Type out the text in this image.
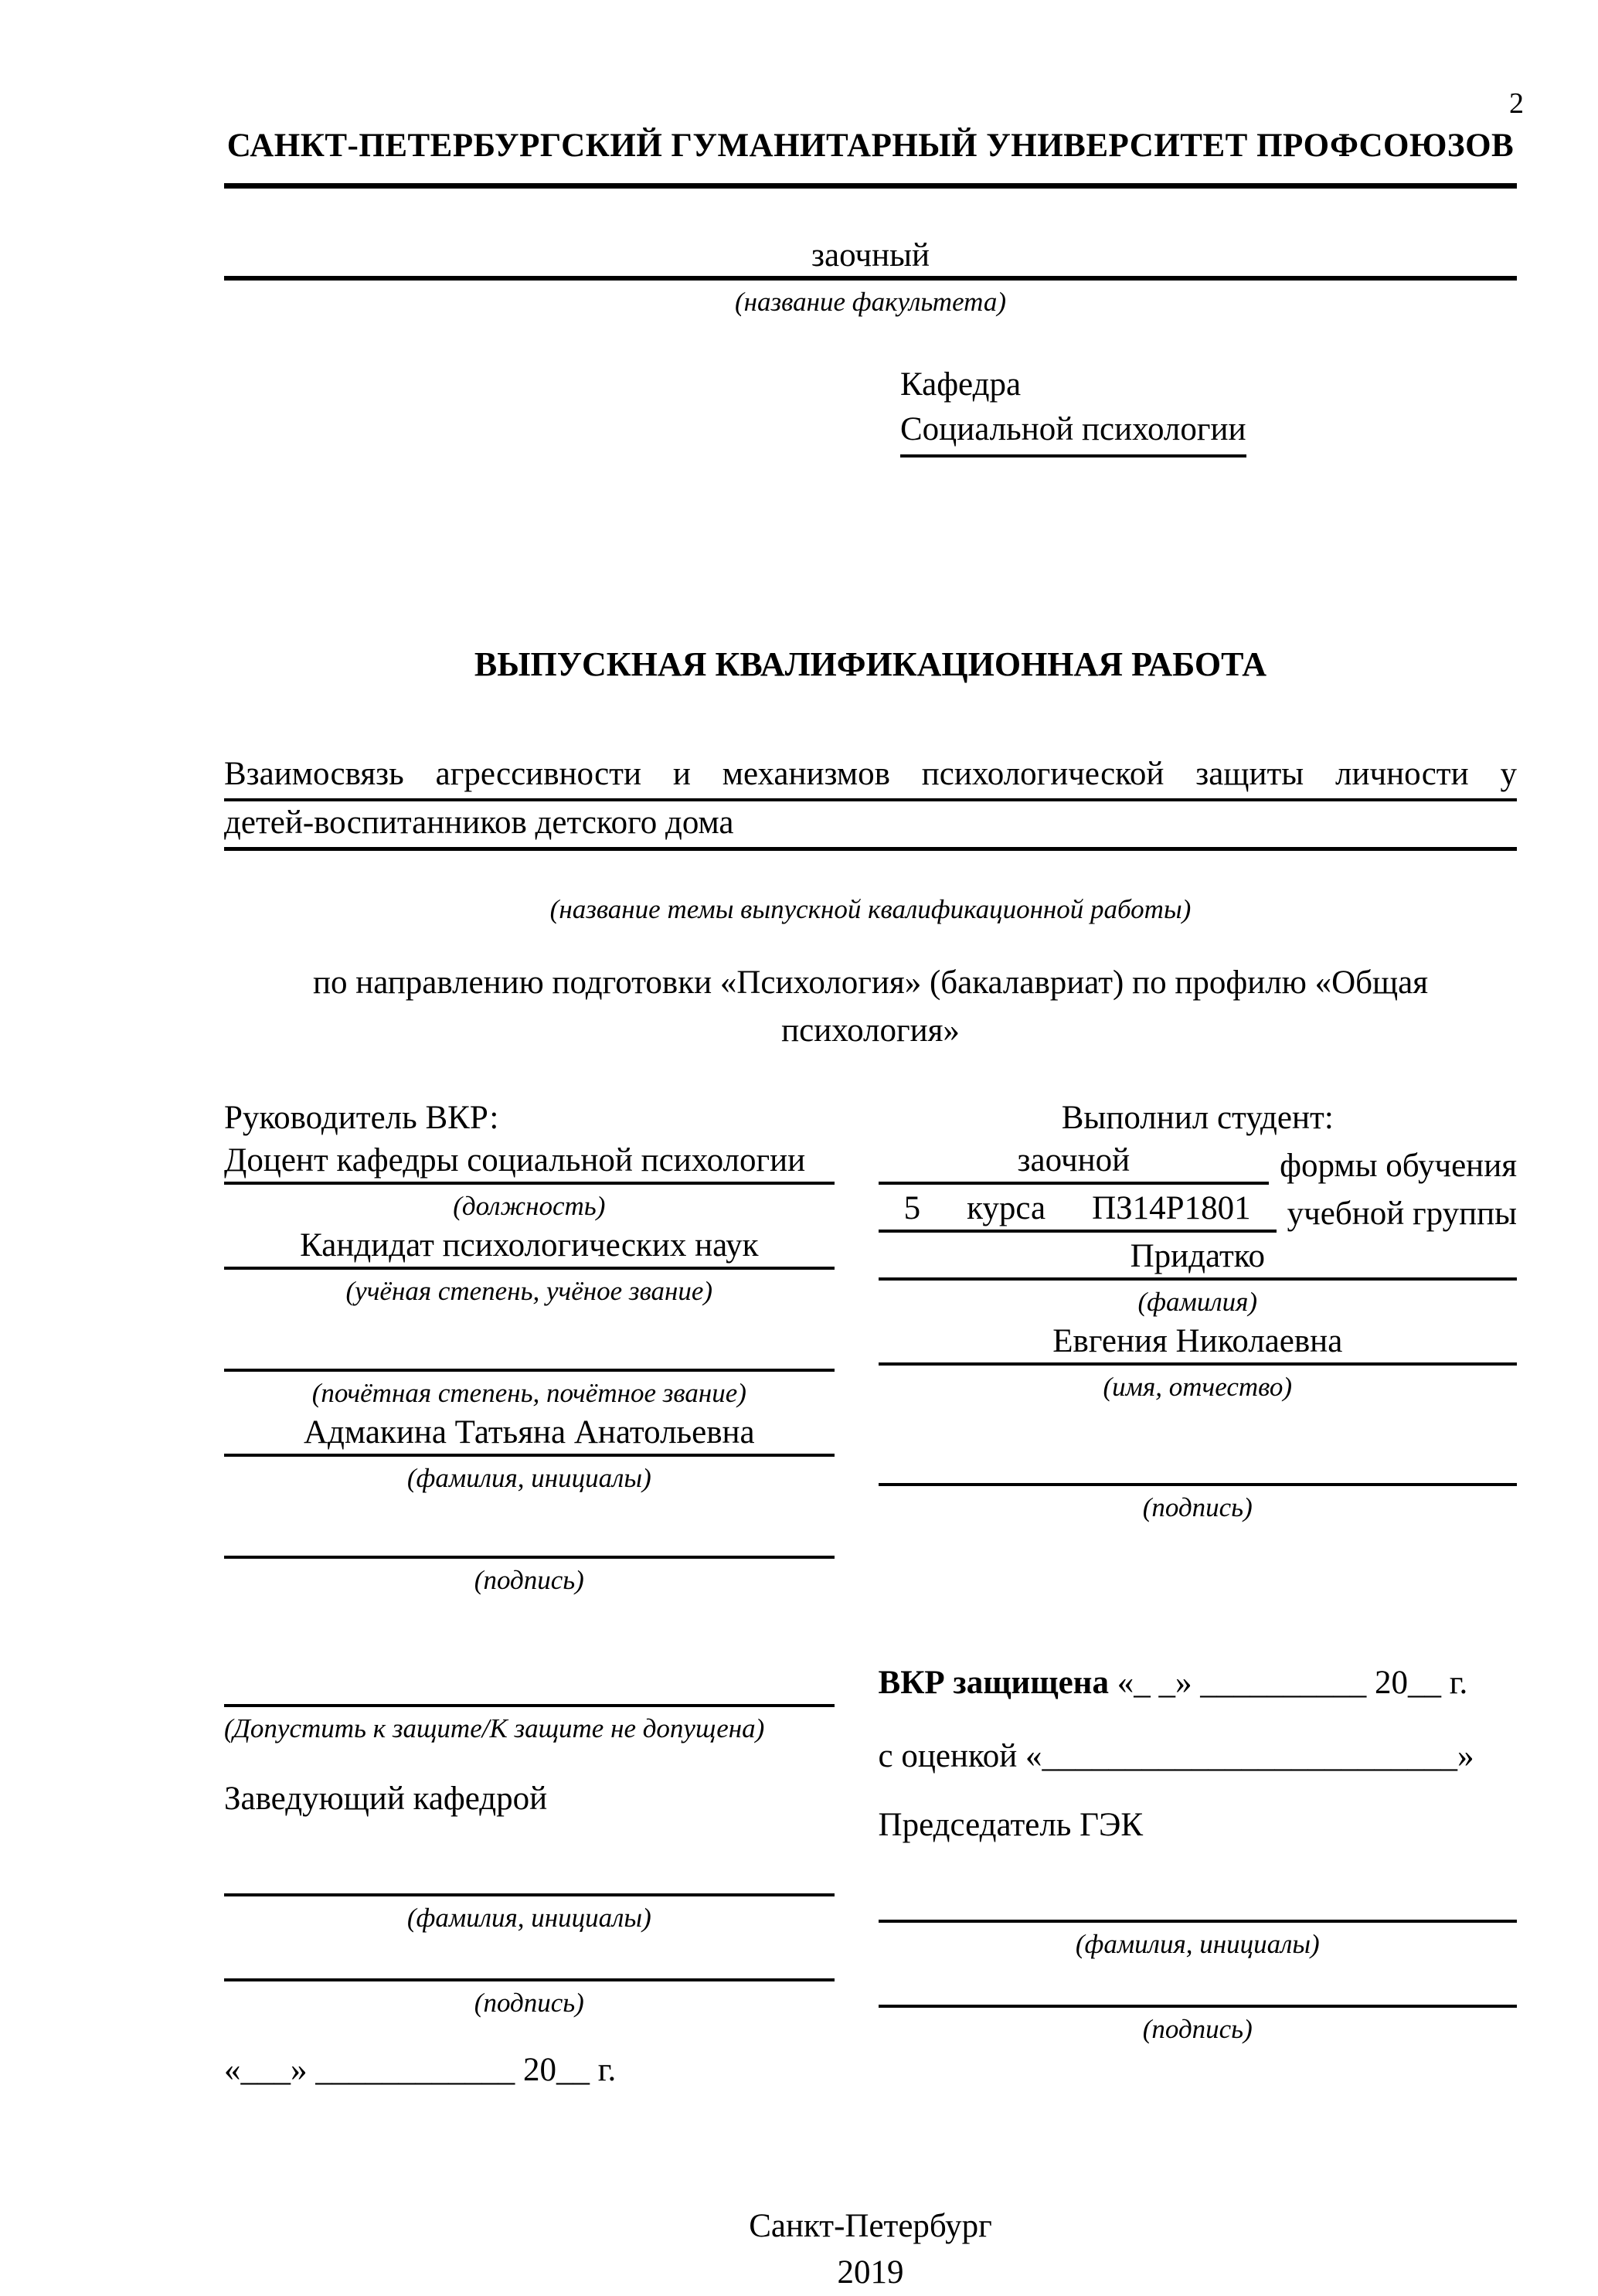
2
САНКТ-ПЕТЕРБУРГСКИЙ ГУМАНИТАРНЫЙ УНИВЕРСИТЕТ ПРОФСОЮЗОВ
заочный
(название факультета)
Кафедра
Социальной психологии
ВЫПУСКНАЯ КВАЛИФИКАЦИОННАЯ РАБОТА
Взаимосвязь агрессивности и механизмов психологической защиты личности у
детей-воспитанников детского дома
(название темы выпускной квалификационной работы)
по направлению подготовки «Психология» (бакалавриат) по профилю «Общая психология»
Руководитель ВКР:
Доцент кафедры социальной психологии
(должность)
Кандидат психологических наук
(учёная степень, учёное звание)
(почётная степень, почётное звание)
Адмакина Татьяна Анатольевна
(фамилия, инициалы)
(подпись)
Выполнил студент:
заочной	формы обучения
5 курса ПЗ14Р1801	учебной группы
Придатко
(фамилия)
Евгения Николаевна
(имя, отчество)
(подпись)
(Допустить к защите/К защите не допущена)
Заведующий кафедрой
(фамилия, инициалы)
(подпись)
«___» ____________ 20__ г.
ВКР защищена «_ _» __________ 20__ г.
с оценкой «_________________________»
Председатель ГЭК
(фамилия, инициалы)
(подпись)
Санкт-Петербург
2019
